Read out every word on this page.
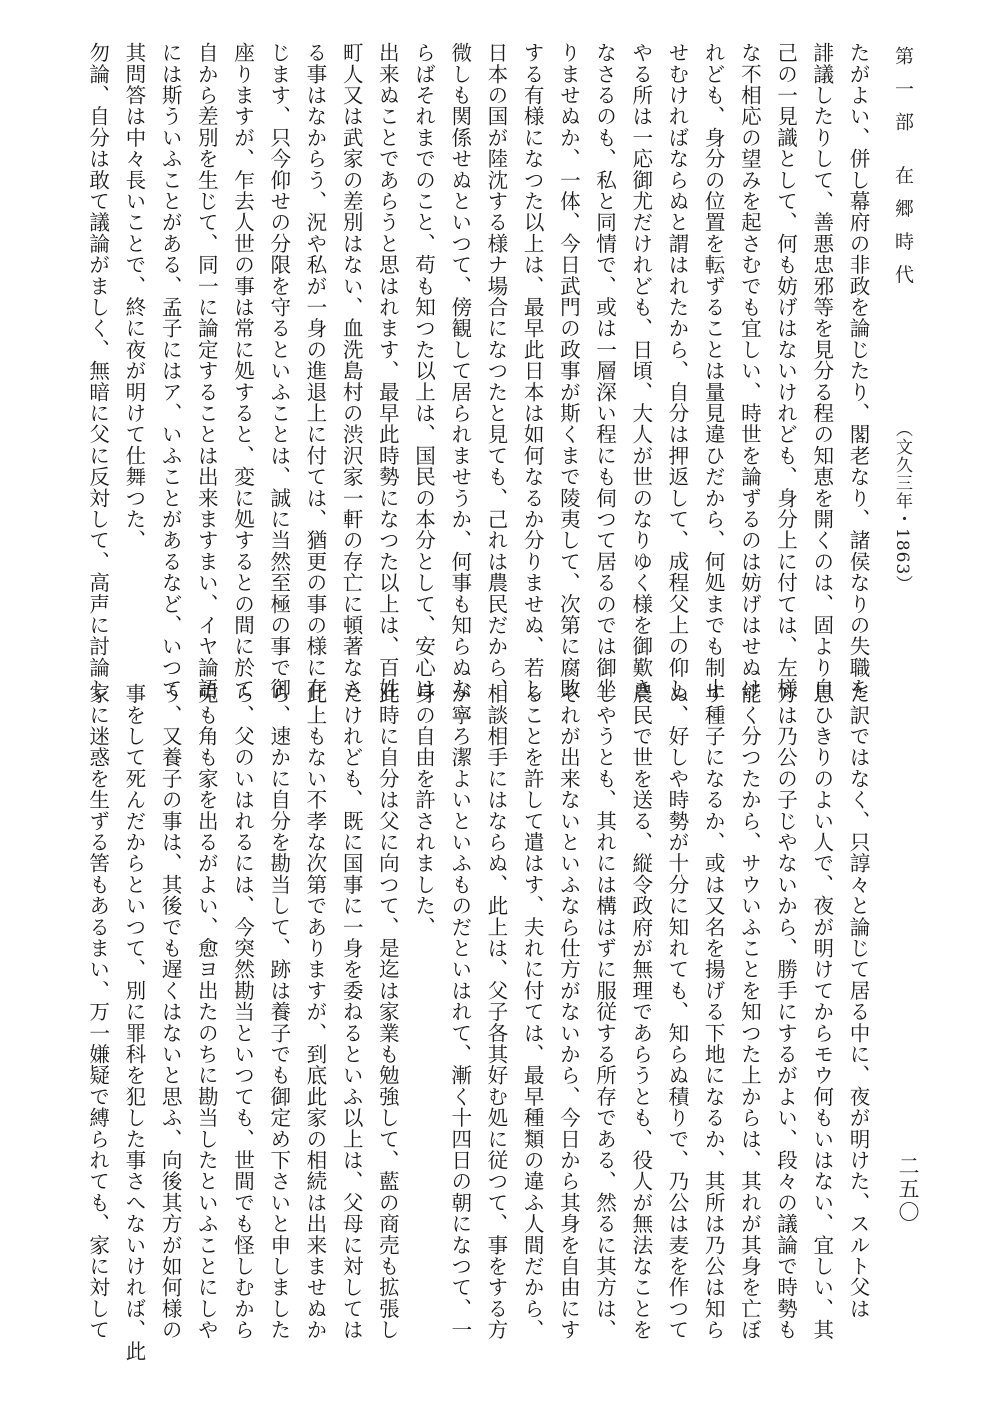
第一部 在郷時代
（文久三年・1863）
二五〇
たがよい、併し幕府の非政を論じたり、閣老なり、諸侯なりの失職を
誹議したりして、善悪忠邪等を見分る程の知恵を開くのは、固より自
己の一見識として、何も妨げはないけれども、身分上に付ては、左様
な不相応の望みを起さむでも宜しい、時世を論ずるのは妨げはせぬけ
れども、身分の位置を転ずることは量見違ひだから、何処までも制止
せむければならぬと謂はれたから、自分は押返して、成程父上の仰し
やる所は一応御尤だけれども、日頃、大人が世のなりゆく様を御歎き
なさるのも、私と同情で、或は一層深い程にも伺つて居るのでは御坐
りませぬか、一体、今日武門の政事が斯くまで陵夷して、次第に腐敗
する有様になつた以上は、最早此日本は如何なるか分りませぬ、若し
日本の国が陸沈する様ナ場合になつたと見ても、己れは農民だから、
微しも関係せぬといつて、傍観して居られませうか、何事も知らぬな
らばそれまでのこと、苟も知つた以上は、国民の本分として、安心は
出来ぬことであらうと思はれます、最早此時勢になつた以上は、百姓
町人又は武家の差別はない、血洗島村の渋沢家一軒の存亡に頓著なさ
る事はなからう、況や私が一身の進退上に付ては、猶更の事の様に存
じます、只今仰せの分限を守るといふことは、誠に当然至極の事で御
座りますが、乍去人世の事は常に処すると、変に処するとの間に於て
自から差別を生じて、同一に論定することは出来ますまい、イヤ論語
には斯ういふことがある、孟子にはア、いふことがあるなど、いつて
其問答は中々長いことで、終に夜が明けて仕舞つた、
勿論、自分は敢て議論がましく、無暗に父に反対して、高声に討論し
た訳ではなく、只諄々と論じて居る中に、夜が明けた、スルト父は
思ひきりのよい人で、夜が明けてからモウ何もいはない、宜しい、其
方は乃公の子じやないから、勝手にするがよい、段々の議論で時勢も
能く分つたから、サウいふことを知つた上からは、其れが其身を亡ぼ
す種子になるか、或は又名を揚げる下地になるか、其所は乃公は知ら
ぬ、好しや時勢が十分に知れても、知らぬ積りで、乃公は麦を作つて
農民で世を送る、縦令政府が無理であらうとも、役人が無法なことを
しやうとも、其れには構はずに服従する所存である、然るに其方は、
それが出来ないといふなら仕方がないから、今日から其身を自由にす
ることを許して遣はす、夫れに付ては、最早種類の違ふ人間だから、
相談相手にはならぬ、此上は、父子各其好む処に従つて、事をする方
が寧ろ潔よいといふものだといはれて、漸く十四日の朝になつて、一
身の自由を許されました、
此時に自分は父に向つて、是迄は家業も勉強して、藍の商売も拡張し
たけれども、既に国事に一身を委ねるといふ以上は、父母に対しては
此上もない不孝な次第でありますが、到底此家の相続は出来ませぬか
ら、速かに自分を勘当して、跡は養子でも御定め下さいと申しました
ら、父のいはれるには、今突然勘当といつても、世間でも怪しむから
兎も角も家を出るがよい、愈ヨ出たのちに勘当したといふことにしや
う、又養子の事は、其後でも遅くはないと思ふ、向後其方が如何様の
事をして死んだからといつて、別に罪科を犯した事さへないければ、此
家に迷惑を生ずる筈もあるまい、万一嫌疑で縛られても、家に対して
